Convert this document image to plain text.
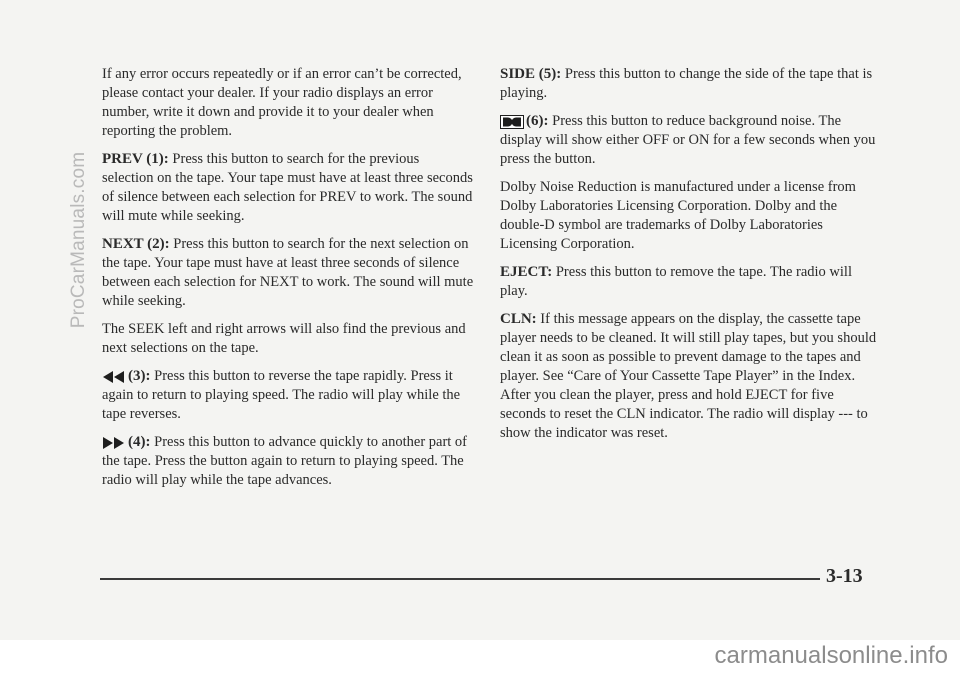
ProCarManuals.com

If any error occurs repeatedly or if an error can’t be corrected, please contact your dealer. If your radio displays an error number, write it down and provide it to your dealer when reporting the problem.

PREV (1): Press this button to search for the previous selection on the tape. Your tape must have at least three seconds of silence between each selection for PREV to work. The sound will mute while seeking.

NEXT (2): Press this button to search for the next selection on the tape. Your tape must have at least three seconds of silence between each selection for NEXT to work. The sound will mute while seeking.

The SEEK left and right arrows will also find the previous and next selections on the tape.

(3): Press this button to reverse the tape rapidly. Press it again to return to playing speed. The radio will play while the tape reverses.

(4): Press this button to advance quickly to another part of the tape. Press the button again to return to playing speed. The radio will play while the tape advances.

SIDE (5): Press this button to change the side of the tape that is playing.

(6): Press this button to reduce background noise. The display will show either OFF or ON for a few seconds when you press the button.

Dolby Noise Reduction is manufactured under a license from Dolby Laboratories Licensing Corporation. Dolby and the double-D symbol are trademarks of Dolby Laboratories Licensing Corporation.

EJECT: Press this button to remove the tape. The radio will play.

CLN: If this message appears on the display, the cassette tape player needs to be cleaned. It will still play tapes, but you should clean it as soon as possible to prevent damage to the tapes and player. See “Care of Your Cassette Tape Player” in the Index. After you clean the player, press and hold EJECT for five seconds to reset the CLN indicator. The radio will display --- to show the indicator was reset.

3-13
carmanualsonline.info
